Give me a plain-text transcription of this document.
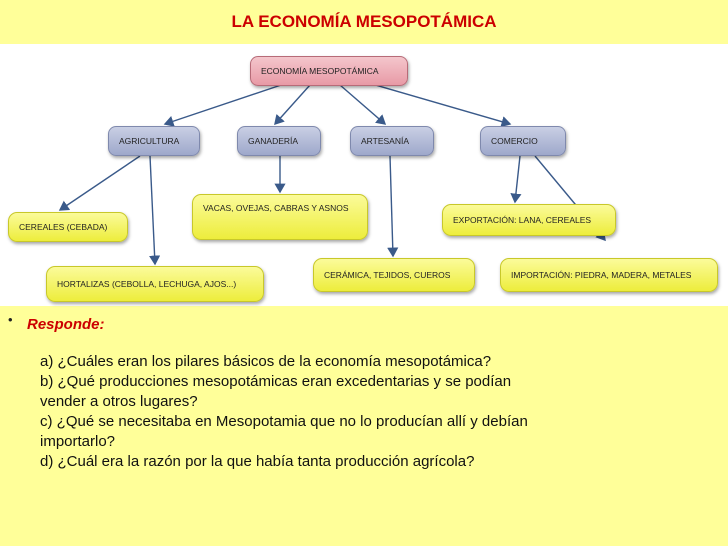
LA ECONOMÍA MESOPOTÁMICA
ECONOMÍA MESOPOTÁMICA
AGRICULTURA	GANADERÍA	ARTESANÍA	COMERCIO
CEREALES (CEBADA)
HORTALIZAS (CEBOLLA, LECHUGA, AJOS...)
VACAS, OVEJAS, CABRAS Y ASNOS
CERÁMICA, TEJIDOS, CUEROS
EXPORTACIÓN: LANA, CEREALES
IMPORTACIÓN: PIEDRA, MADERA, METALES
• Responde:
a) ¿Cuáles eran los pilares básicos de la economía mesopotámica?
b) ¿Qué producciones mesopotámicas eran excedentarias y se podían
vender a otros lugares?
c) ¿Qué se necesitaba en Mesopotamia que no lo producían allí y debían
importarlo?
d) ¿Cuál era la razón por la que había tanta producción agrícola?
